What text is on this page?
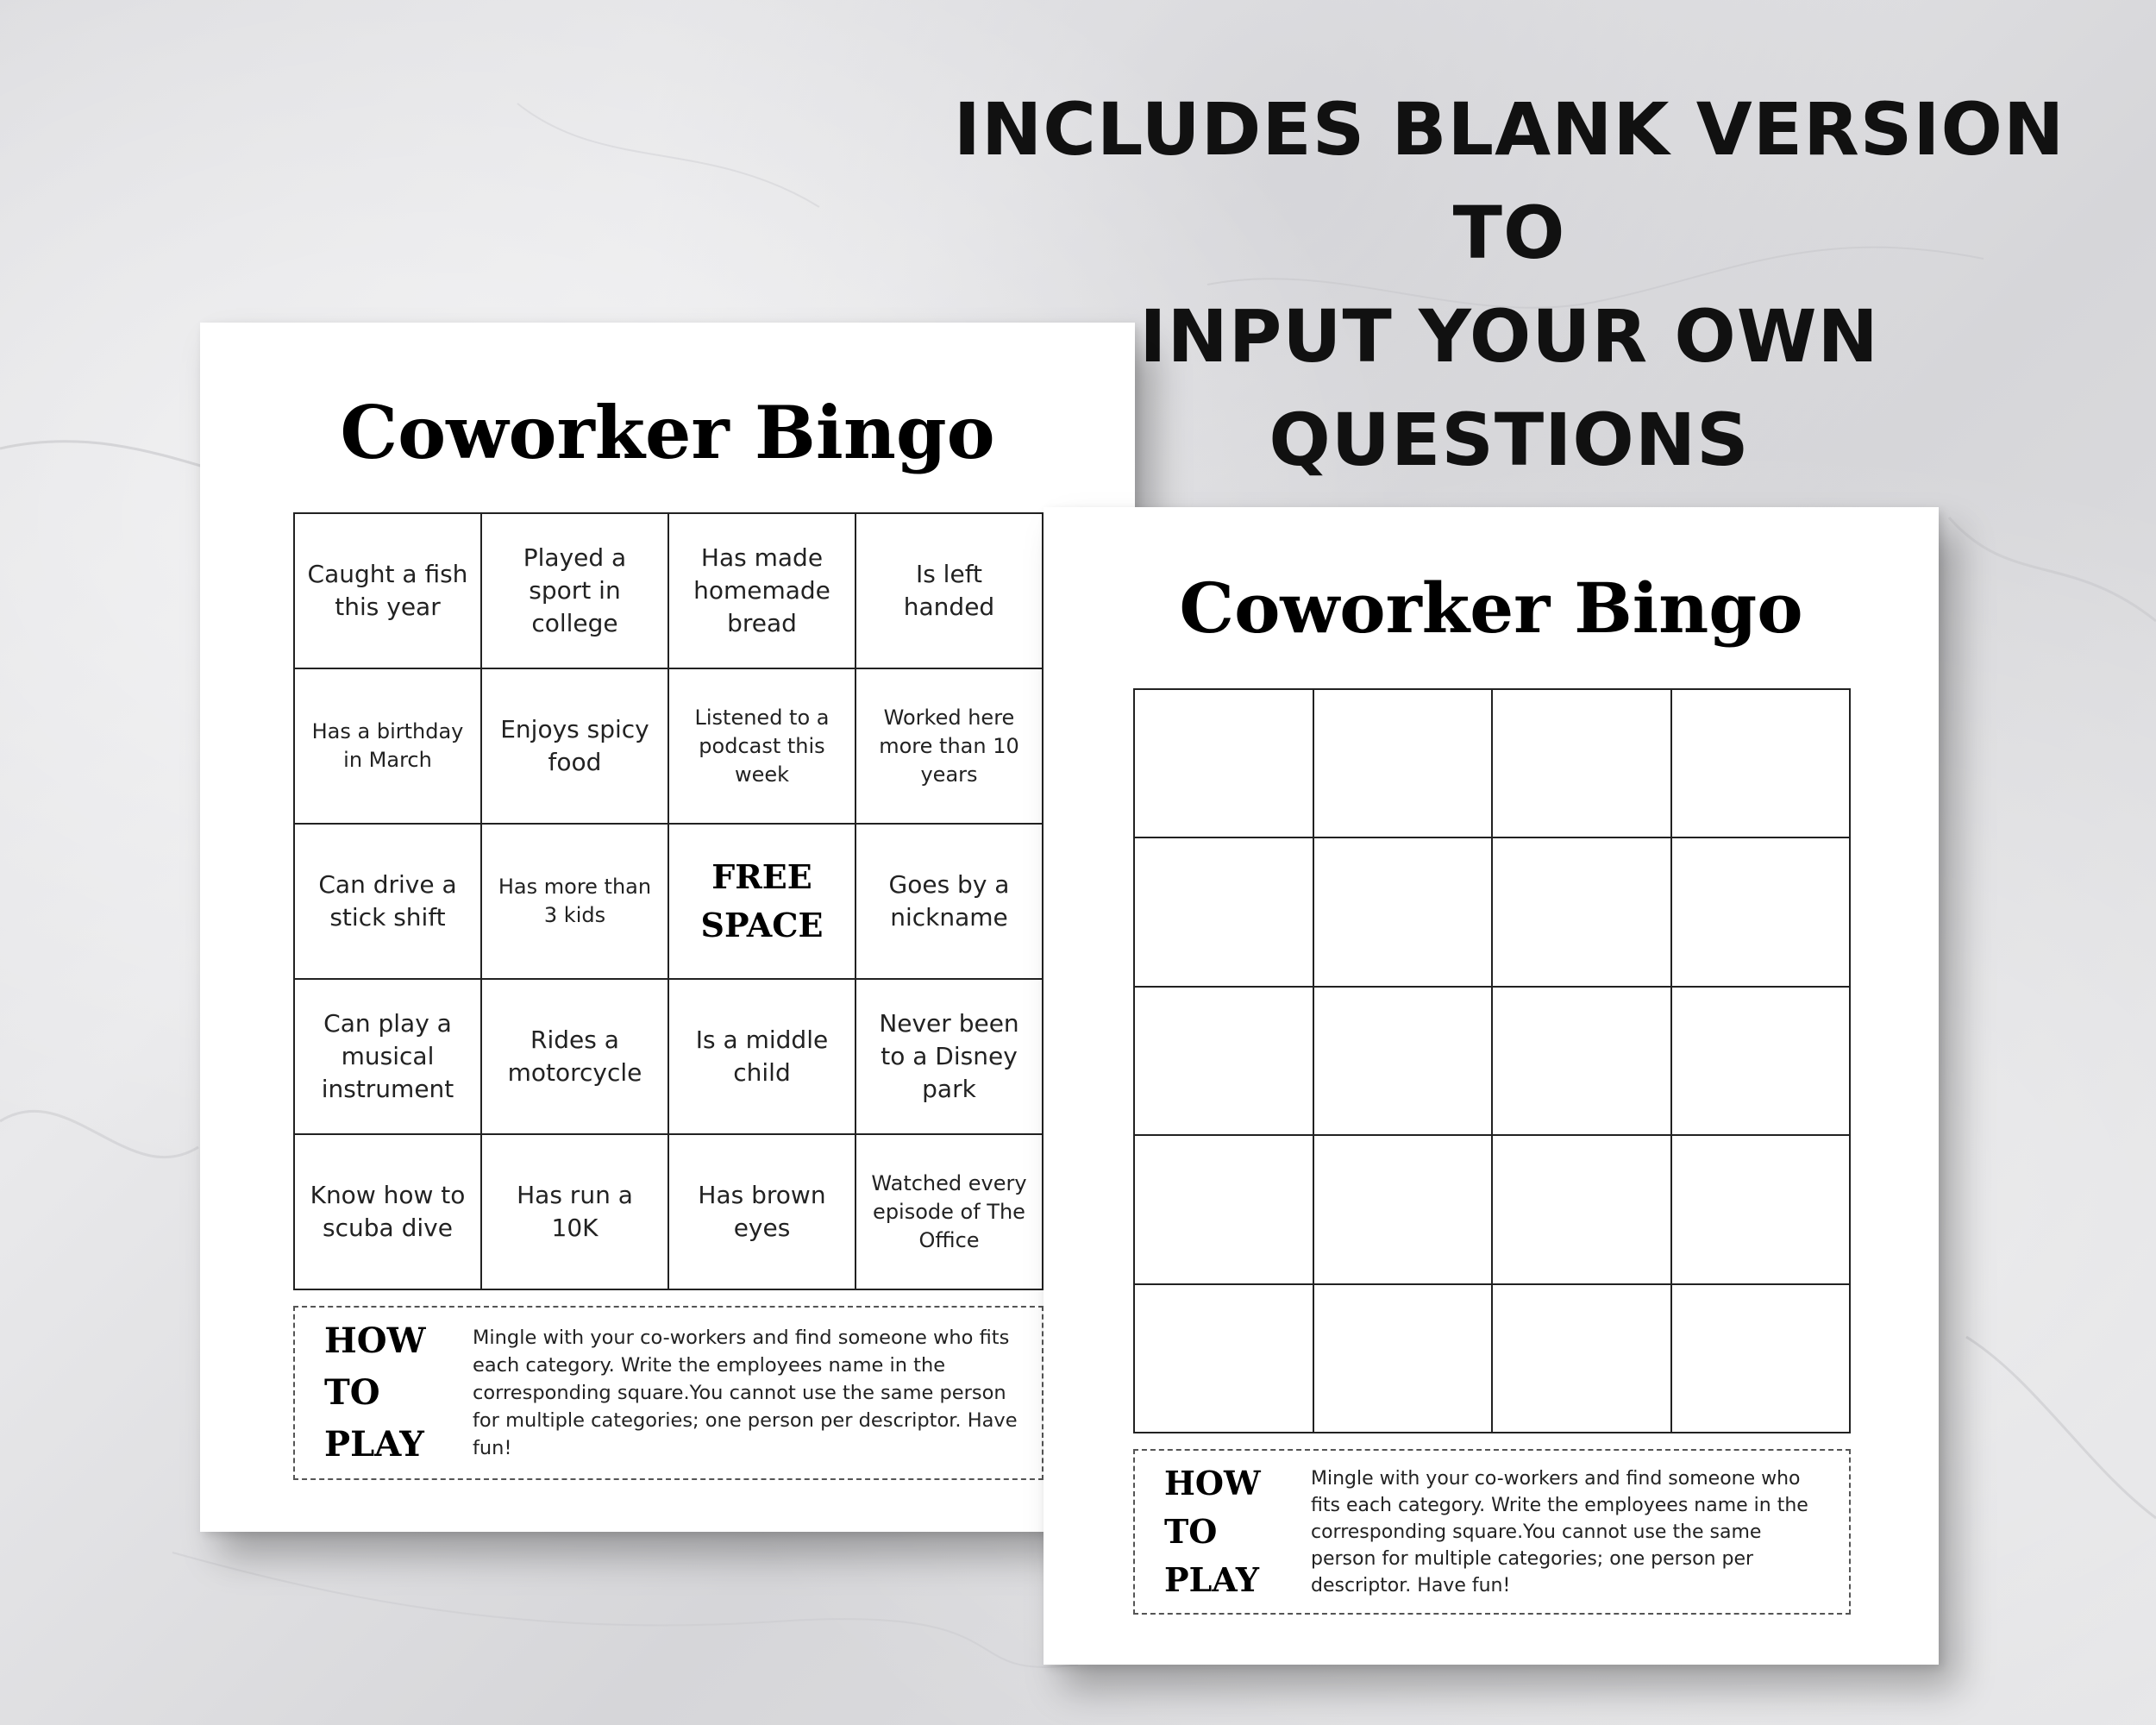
INCLUDES BLANK VERSION TO
INPUT YOUR OWN QUESTIONS
Coworker Bingo
Caught a fish this year
Played a sport in college
Has made homemade bread
Is left handed
Has a birthday in March
Enjoys spicy food
Listened to a podcast this week
Worked here more than 10 years
Can drive a stick shift
Has more than 3 kids
FREE SPACE
Goes by a nickname
Can play a musical instrument
Rides a motorcycle
Is a middle child
Never been to a Disney park
Know how to scuba dive
Has run a 10K
Has brown eyes
Watched every episode of The Office
HOW
TO
PLAY
Mingle with your co-workers and find someone who fits each category. Write the employees name in the corresponding square.You cannot use the same person for multiple categories; one person per descriptor. Have fun!
Coworker Bingo
HOW
TO
PLAY
Mingle with your co-workers and find someone who fits each category. Write the employees name in the corresponding square.You cannot use the same person for multiple categories; one person per descriptor. Have fun!
